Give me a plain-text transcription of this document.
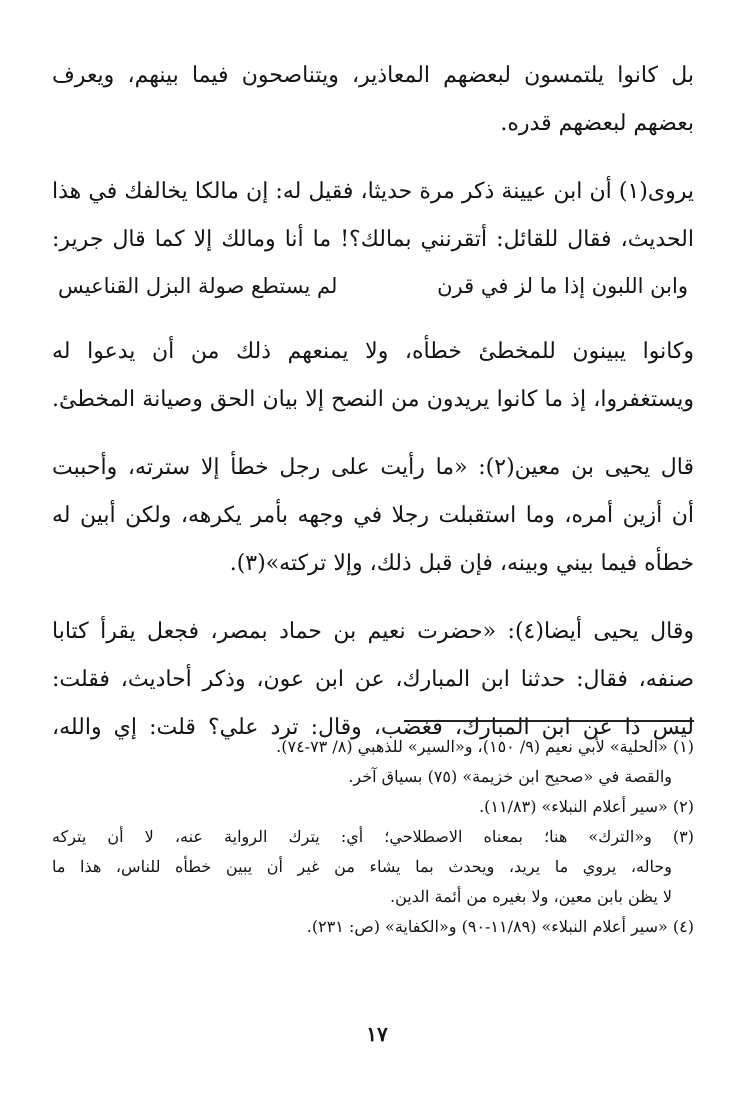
بل كانوا يلتمسون لبعضهم المعاذير، ويتناصحون فيما بينهم، ويعرف
بعضهم لبعضهم قدره.

يروى(١) أن ابن عيينة ذكر مرة حديثا، فقيل له: إن مالكا يخالفك في هذا
الحديث، فقال للقائل: أتقرنني بمالك؟! ما أنا ومالك إلا كما قال جرير:

وابن اللبون إذا ما لز في قرن
لم يستطع صولة البزل القناعيس

وكانوا يبينون للمخطئ خطأه، ولا يمنعهم ذلك من أن يدعوا له
ويستغفروا، إذ ما كانوا يريدون من النصح إلا بيان الحق وصيانة المخطئ.

قال يحيى بن معين(٢): «ما رأيت على رجل خطأ إلا سترته، وأحببت
أن أزين أمره، وما استقبلت رجلا في وجهه بأمر يكرهه، ولكن أبين له
خطأه فيما بيني وبينه، فإن قبل ذلك، وإلا تركته»(٣).

وقال يحيى أيضا(٤): «حضرت نعيم بن حماد بمصر، فجعل يقرأ كتابا
صنفه، فقال: حدثنا ابن المبارك، عن ابن عون، وذكر أحاديث، فقلت:
ليس ذا عن ابن المبارك، فغضب، وقال: ترد علي؟ قلت: إي والله،

(١) «الحلية» لأبي نعيم (٩/ ١٥٠)، و«السير» للذهبي (٨/ ٧٣-٧٤).
والقصة في «صحيح ابن خزيمة» (٧٥) بسياق آخر.

(٢) «سير أعلام النبلاء» (١١/٨٣).

(٣) و«الترك» هنا؛ بمعناه الاصطلاحي؛ أي: يترك الرواية عنه، لا أن يتركه
وحاله، يروي ما يريد، ويحدث بما يشاء من غير أن يبين خطأه للناس، هذا ما
لا يظن بابن معين، ولا بغيره من أئمة الدين.

(٤) «سير أعلام النبلاء» (١١/٨٩-٩٠) و«الكفاية» (ص: ٢٣١).

١٧
